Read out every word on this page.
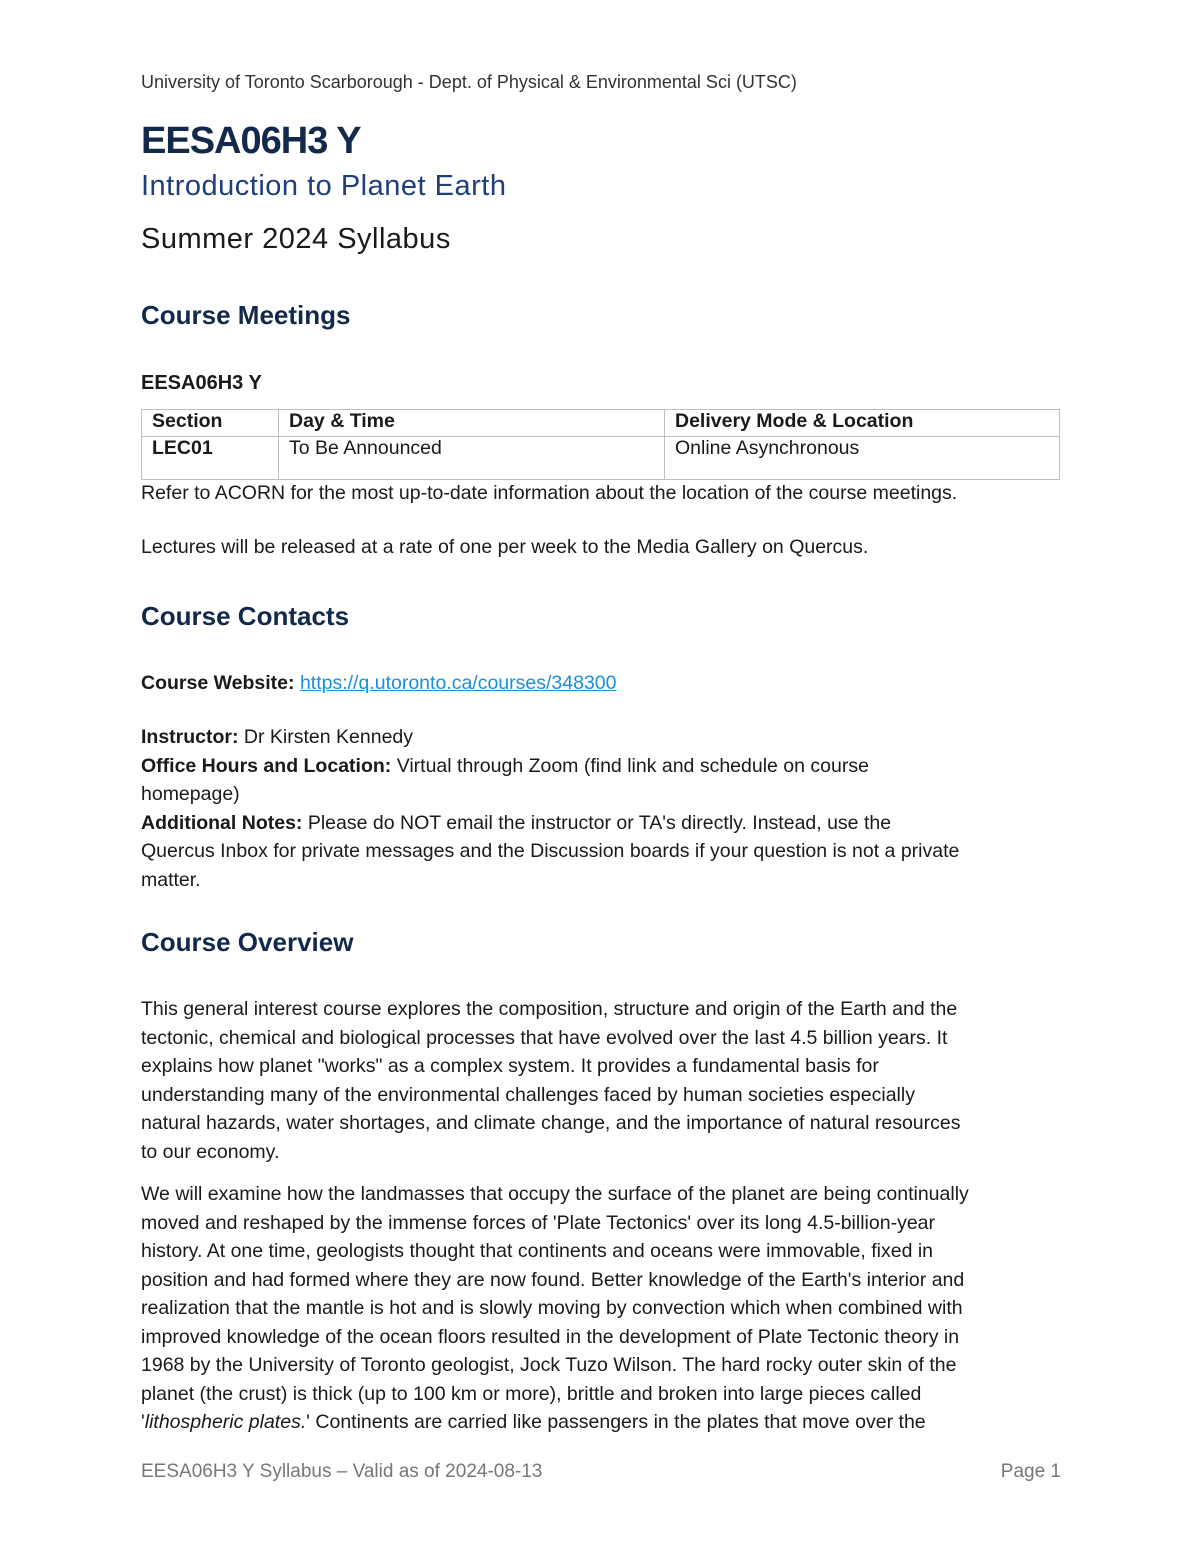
University of Toronto Scarborough - Dept. of Physical & Environmental Sci (UTSC)
EESA06H3 Y
Introduction to Planet Earth
Summer 2024 Syllabus
Course Meetings
EESA06H3 Y
Section	Day & Time	Delivery Mode & Location
LEC01	To Be Announced	Online Asynchronous
Refer to ACORN for the most up-to-date information about the location of the course meetings.
Lectures will be released at a rate of one per week to the Media Gallery on Quercus.
Course Contacts
Course Website: https://q.utoronto.ca/courses/348300
Instructor: Dr Kirsten Kennedy
Office Hours and Location: Virtual through Zoom (find link and schedule on course
homepage)
Additional Notes: Please do NOT email the instructor or TA's directly. Instead, use the
Quercus Inbox for private messages and the Discussion boards if your question is not a private
matter.
Course Overview
This general interest course explores the composition, structure and origin of the Earth and the
tectonic, chemical and biological processes that have evolved over the last 4.5 billion years. It
explains how planet "works" as a complex system. It provides a fundamental basis for
understanding many of the environmental challenges faced by human societies especially
natural hazards, water shortages, and climate change, and the importance of natural resources
to our economy.
We will examine how the landmasses that occupy the surface of the planet are being continually
moved and reshaped by the immense forces of 'Plate Tectonics' over its long 4.5-billion-year
history. At one time, geologists thought that continents and oceans were immovable, fixed in
position and had formed where they are now found. Better knowledge of the Earth's interior and
realization that the mantle is hot and is slowly moving by convection which when combined with
improved knowledge of the ocean floors resulted in the development of Plate Tectonic theory in
1968 by the University of Toronto geologist, Jock Tuzo Wilson. The hard rocky outer skin of the
planet (the crust) is thick (up to 100 km or more), brittle and broken into large pieces called
'lithospheric plates.' Continents are carried like passengers in the plates that move over the
EESA06H3 Y Syllabus – Valid as of 2024-08-13	Page 1
